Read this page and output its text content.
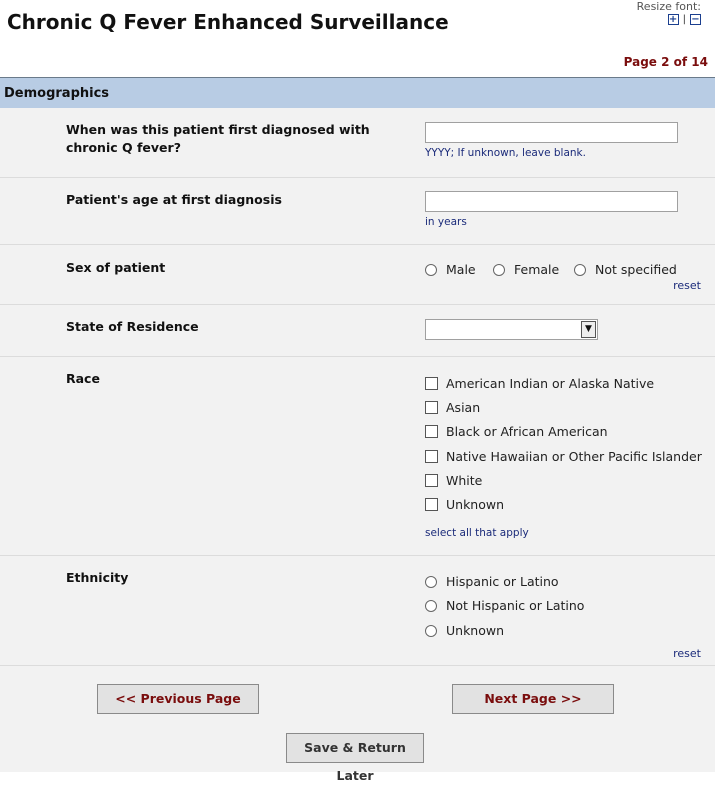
Chronic Q Fever Enhanced Surveillance
Resize font:
+ | −
Page 2 of 14
Demographics
When was this patient first diagnosed with chronic Q fever?	YYYY; If unknown, leave blank.
Patient's age at first diagnosis
in years
Sex of patient	Male	Female	Not specified
reset
State of Residence	▼
Race	American Indian or Alaska Native
Asian
Black or African American
Native Hawaiian or Other Pacific Islander
White
Unknown
select all that apply
Ethnicity	Hispanic or Latino
Not Hispanic or Latino
Unknown
reset
<< Previous Page	Next Page >>
Save & Return Later
